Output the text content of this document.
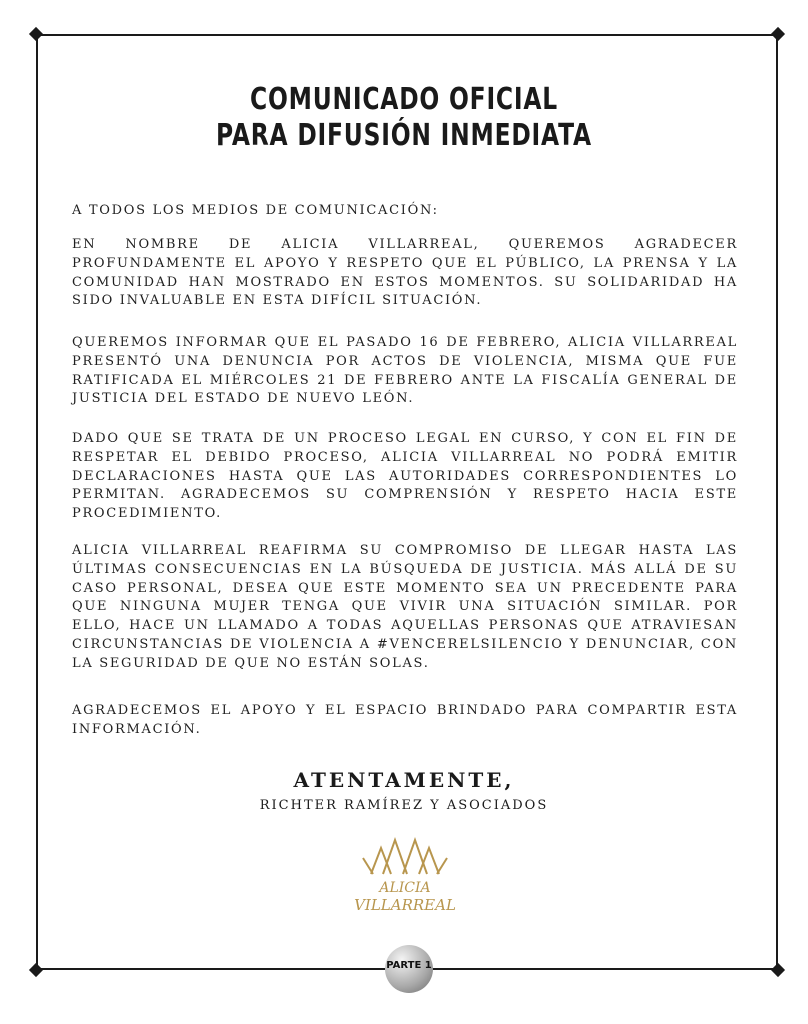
COMUNICADO OFICIAL
PARA DIFUSIÓN INMEDIATA

A TODOS LOS MEDIOS DE COMUNICACIÓN:

EN NOMBRE DE ALICIA VILLARREAL, QUEREMOS AGRADECER PROFUNDAMENTE EL APOYO Y RESPETO QUE EL PÚBLICO, LA PRENSA Y LA COMUNIDAD HAN MOSTRADO EN ESTOS MOMENTOS. SU SOLIDARIDAD HA SIDO INVALUABLE EN ESTA DIFÍCIL SITUACIÓN.

QUEREMOS INFORMAR QUE EL PASADO 16 DE FEBRERO, ALICIA VILLARREAL PRESENTÓ UNA DENUNCIA POR ACTOS DE VIOLENCIA, MISMA QUE FUE RATIFICADA EL MIÉRCOLES 21 DE FEBRERO ANTE LA FISCALÍA GENERAL DE JUSTICIA DEL ESTADO DE NUEVO LEÓN.

DADO QUE SE TRATA DE UN PROCESO LEGAL EN CURSO, Y CON EL FIN DE RESPETAR EL DEBIDO PROCESO, ALICIA VILLARREAL NO PODRÁ EMITIR DECLARACIONES HASTA QUE LAS AUTORIDADES CORRESPONDIENTES LO PERMITAN. AGRADECEMOS SU COMPRENSIÓN Y RESPETO HACIA ESTE PROCEDIMIENTO.

ALICIA VILLARREAL REAFIRMA SU COMPROMISO DE LLEGAR HASTA LAS ÚLTIMAS CONSECUENCIAS EN LA BÚSQUEDA DE JUSTICIA. MÁS ALLÁ DE SU CASO PERSONAL, DESEA QUE ESTE MOMENTO SEA UN PRECEDENTE PARA QUE NINGUNA MUJER TENGA QUE VIVIR UNA SITUACIÓN SIMILAR. POR ELLO, HACE UN LLAMADO A TODAS AQUELLAS PERSONAS QUE ATRAVIESAN CIRCUNSTANCIAS DE VIOLENCIA A #VENCERELSILENCIO Y DENUNCIAR, CON LA SEGURIDAD DE QUE NO ESTÁN SOLAS.

AGRADECEMOS EL APOYO Y EL ESPACIO BRINDADO PARA COMPARTIR ESTA INFORMACIÓN.

ATENTAMENTE,
RICHTER RAMÍREZ Y ASOCIADOS
ALICIA
VILLARREAL
PARTE 1
